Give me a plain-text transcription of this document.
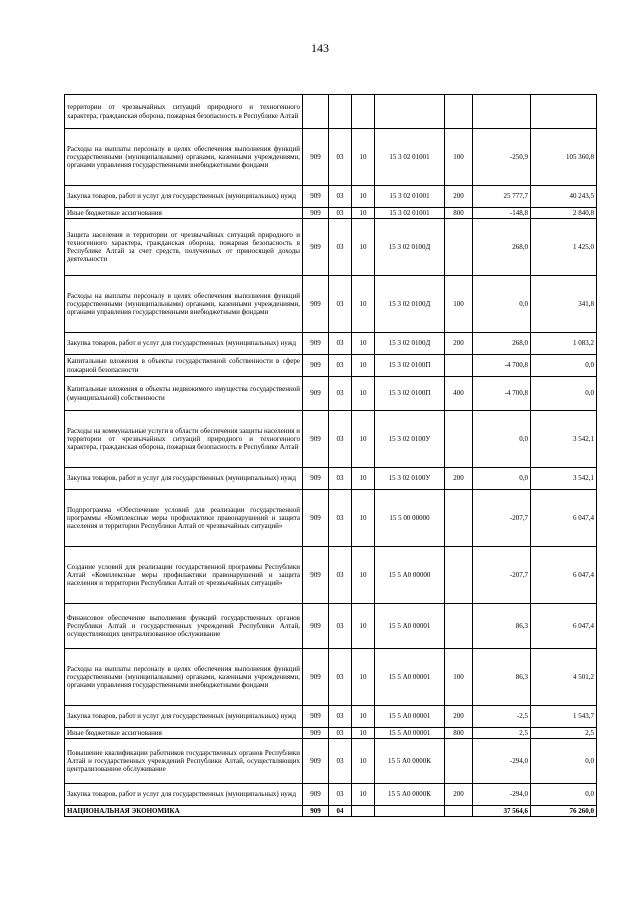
143
территории от чрезвычайных ситуаций природного и техногенного характера, гражданская оборона, пожарная безопасность в Республике Алтай							
Расходы на выплаты персоналу в целях обеспечения выполнения функций государственными (муниципальными) органами, казенными учреждениями, органами управления государственными внебюджетными фондами	909	03	10	15 3 02 01001	100	-250,9	105 360,8
Закупка товаров, работ и услуг для государственных (муниципальных) нужд	909	03	10	15 3 02 01001	200	25 777,7	40 243,5
Иные бюджетные ассигнования	909	03	10	15 3 02 01001	800	-148,8	2 840,8
Защита населения и территории от чрезвычайных ситуаций природного и техногенного характера, гражданская оборона, пожарная безопасность в Республике Алтай за счет средств, полученных от приносящей доходы деятельности	909	03	10	15 3 02 0100Д		268,0	1 425,0
Расходы на выплаты персоналу в целях обеспечения выполнения функций государственными (муниципальными) органами, казенными учреждениями, органами управления государственными внебюджетными фондами	909	03	10	15 3 02 0100Д	100	0,0	341,8
Закупка товаров, работ и услуг для государственных (муниципальных) нужд	909	03	10	15 3 02 0100Д	200	268,0	1 083,2
Капитальные вложения в объекты государственной собственности в сфере пожарной безопасности	909	03	10	15 3 02 0100П		-4 700,8	0,0
Капитальные вложения в объекты недвижимого имущества государственной (муниципальной) собственности	909	03	10	15 3 02 0100П	400	-4 700,8	0,0
Расходы на коммунальные услуги в области обеспечения защиты населения и территории от чрезвычайных ситуаций природного и техногенного характера, гражданская оборона, пожарная безопасность в Республике Алтай	909	03	10	15 3 02 0100У		0,0	3 542,1
Закупка товаров, работ и услуг для государственных (муниципальных) нужд	909	03	10	15 3 02 0100У	200	0,0	3 542,1
Подпрограмма «Обеспечение условий для реализации государственной программы «Комплексные меры профилактики правонарушений и защита населения и территории Республики Алтай от чрезвычайных ситуаций»	909	03	10	15 5 00 00000		-207,7	6 047,4
Создание условий для реализации государственной программы Республики Алтай «Комплексные меры профилактики правонарушений и защита населения и территории Республики Алтай от чрезвычайных ситуаций»	909	03	10	15 5 А0 00000		-207,7	6 047,4
Финансовое обеспечение выполнения функций государственных органов Республики Алтай и государственных учреждений Республики Алтай, осуществляющих централизованное обслуживание	909	03	10	15 5 А0 00001		86,3	6 047,4
Расходы на выплаты персоналу в целях обеспечения выполнения функций государственными (муниципальными) органами, казенными учреждениями, органами управления государственными внебюджетными фондами	909	03	10	15 5 А0 00001	100	86,3	4 501,2
Закупка товаров, работ и услуг для государственных (муниципальных) нужд	909	03	10	15 5 А0 00001	200	-2,5	1 543,7
Иные бюджетные ассигнования	909	03	10	15 5 А0 00001	800	2,5	2,5
Повышение квалификации работников государственных органов Республики Алтай и государственных учреждений Республики Алтай, осуществляющих централизованное обслуживание	909	03	10	15 5 А0 0000К		-294,0	0,0
Закупка товаров, работ и услуг для государственных (муниципальных) нужд	909	03	10	15 5 А0 0000К	200	-294,0	0,0
НАЦИОНАЛЬНАЯ ЭКОНОМИКА	909	04				37 564,6	76 260,0
